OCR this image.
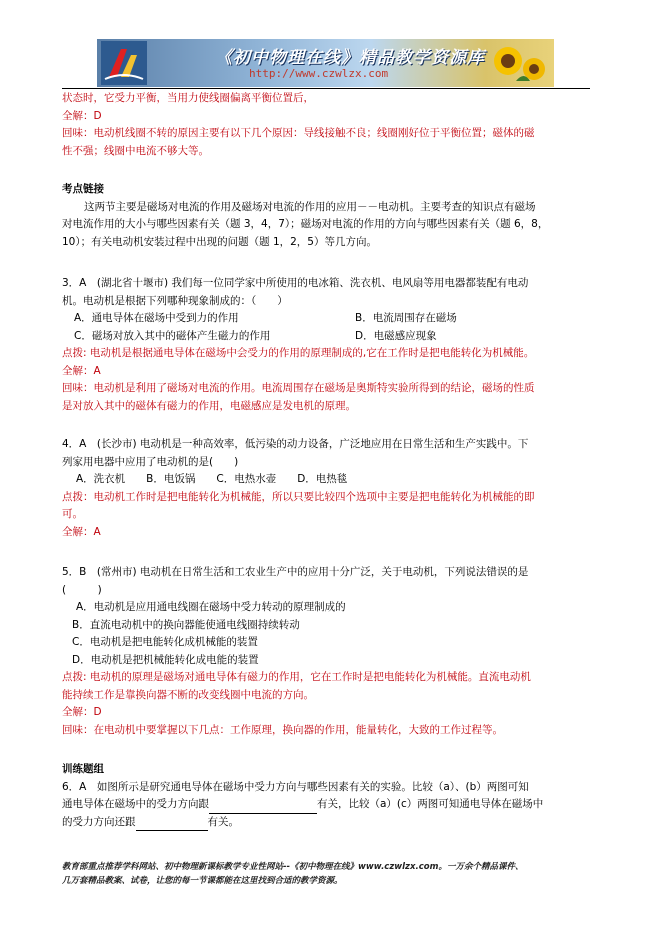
《初中物理在线》精品教学资源库
http://www.czwlzx.com

状态时，它受力平衡，当用力使线圈偏离平衡位置后，

全解：D

回味：电动机线圈不转的原因主要有以下几个原因：导线接触不良；线圈刚好位于平衡位置；磁体的磁

性不强；线圈中电流不够大等。

考点链接

这两节主要是磁场对电流的作用及磁场对电流的作用的应用－－电动机。主要考查的知识点有磁场

对电流作用的大小与哪些因素有关（题 3，4，7）；磁场对电流的作用的方向与哪些因素有关（题 6，8，

10）；有关电动机安装过程中出现的问题（题 1，2，5）等几方向。

3．A　(湖北省十堰市) 我们每一位同学家中所使用的电冰箱、洗衣机、电风扇等用电器都装配有电动

机。电动机是根据下列哪种现象制成的：（　　）

A．通电导体在磁场中受到力的作用	B．电流周围存在磁场
C．磁场对放入其中的磁体产生磁力的作用	D．电磁感应现象

点拨: 电动机是根据通电导体在磁场中会受力的作用的原理制成的,它在工作时是把电能转化为机械能。

全解：A

回味：电动机是利用了磁场对电流的作用。电流周围存在磁场是奥斯特实验所得到的结论，磁场的性质

是对放入其中的磁体有磁力的作用，电磁感应是发电机的原理。

4．A　(长沙市) 电动机是一种高效率，低污染的动力设备，广泛地应用在日常生活和生产实践中。下

列家用电器中应用了电动机的是(　　)

A．洗衣机　　B．电饭锅　　C．电热水壶　　D．电热毯

点拨：电动机工作时是把电能转化为机械能，所以只要比较四个选项中主要是把电能转化为机械能的即

可。

全解：A

5．B　(常州市) 电动机在日常生活和工农业生产中的应用十分广泛，关于电动机，下列说法错误的是

(　　　)

A．电动机是应用通电线圈在磁场中受力转动的原理制成的

B．直流电动机中的换向器能使通电线圈持续转动

C．电动机是把电能转化成机械能的装置

D．电动机是把机械能转化成电能的装置

点拨: 电动机的原理是磁场对通电导体有磁力的作用，它在工作时是把电能转化为机械能。直流电动机

能持续工作是靠换向器不断的改变线圈中电流的方向。

全解：D

回味：在电动机中要掌握以下几点：工作原理，换向器的作用，能量转化，大致的工作过程等。

训练题组

6．A　如图所示是研究通电导体在磁场中受力方向与哪些因素有关的实验。比较（a）、(b）两图可知

通电导体在磁场中的受力方向跟	有关，比较（a）(c）两图可知通电导体在磁场中

的受力方向还跟	有关。

教育部重点推荐学科网站、初中物理新课标教学专业性网站--《初中物理在线》www.czwlzx.com。一万余个精品课件、
几万套精品教案、试卷，让您的每一节课都能在这里找到合适的教学资源。
